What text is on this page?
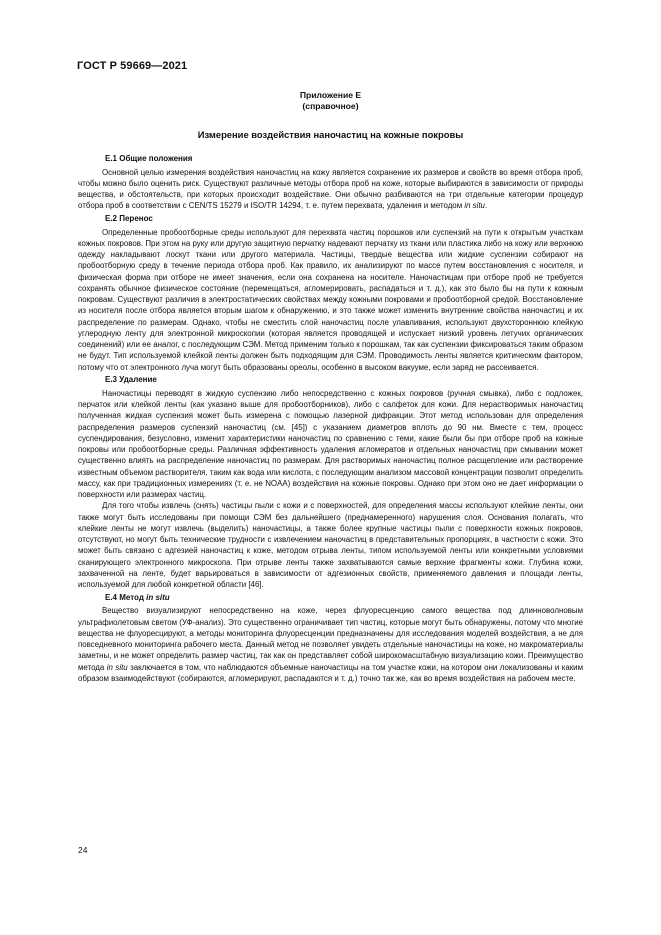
ГОСТ Р 59669—2021
Приложение Е
(справочное)
Измерение воздействия наночастиц на кожные покровы
Е.1 Общие положения

Основной целью измерения воздействия наночастиц на кожу является сохранение их размеров и свойств во время отбора проб, чтобы можно было оценить риск. Существуют различные методы отбора проб на коже, которые выбираются в зависимости от природы вещества, и обстоятельств, при которых происходит воздействие. Они обычно разбиваются на три отдельные категории процедур отбора проб в соответствии с CEN/TS 15279 и ISO/TR 14294, т. е. путем перехвата, удаления и методом in situ.

Е.2 Перенос

Определенные пробоотборные среды используют для перехвата частиц порошков или суспензий на пути к открытым участкам кожных покровов. При этом на руку или другую защитную перчатку надевают перчатку из ткани или пластика либо на кожу или верхнюю одежду накладывают лоскут ткани или другого материала. Частицы, твердые вещества или жидкие суспензии собирают на пробоотборную среду в течение периода отбора проб. Как правило, их анализируют по массе путем восстановления с носителя, и физическая форма при отборе не имеет значения, если она сохранена на носителе. Наночастицам при отборе проб не требуется сохранять обычное физическое состояние (перемещаться, агломерировать, распадаться и т. д.), как это было бы на пути к кожным покровам. Существуют различия в электростатических свойствах между кожными покровами и пробоотборной средой. Восстановление из носителя после отбора является вторым шагом к обнаружению, и это также может изменить внутренние свойства наночастиц и их распределение по размерам. Однако, чтобы не сместить слой наночастиц после улавливания, используют двухстороннюю клейкую углеродную ленту для электронной микроскопии (которая является проводящей и испускает низкий уровень летучих органических соединений) или ее аналог, с последующим СЭМ. Метод применим только к порошкам, так как суспензии фиксироваться таким образом не будут. Тип используемой клейкой ленты должен быть подходящим для СЭМ. Проводимость ленты является критическим фактором, потому что от электронного луча могут быть образованы ореолы, особенно в высоком вакууме, если заряд не рассеивается.

Е.3 Удаление

Наночастицы переводят в жидкую суспензию либо непосредственно с кожных покровов (ручная смывка), либо с подложек, перчаток или клейкой ленты (как указано выше для пробоотборников), либо с салфеток для кожи. Для нерастворимых наночастиц полученная жидкая суспензия может быть измерена с помощью лазерной дифракции. Этот метод использован для определения распределения размеров суспензий наночастиц (см. [45]) с указанием диаметров вплоть до 90 нм. Вместе с тем, процесс суспендирования, безусловно, изменит характеристики наночастиц по сравнению с теми, какие были бы при отборе проб на кожные покровы или пробоотборные среды. Различная эффективность удаления агломератов и отдельных наночастиц при смывании может существенно влиять на распределение наночастиц по размерам. Для растворимых наночастиц полное расщепление или растворение известным объемом растворителя, таким как вода или кислота, с последующим анализом массовой концентрации позволит определить массу, как при традиционных измерениях (т. е. не NOAA) воздействия на кожные покровы. Однако при этом оно не дает информации о поверхности или размерах частиц.

Для того чтобы извлечь (снять) частицы пыли с кожи и с поверхностей, для определения массы используют клейкие ленты, они также могут быть исследованы при помощи СЭМ без дальнейшего (преднамеренного) нарушения слоя. Основания полагать, что клейкие ленты не могут извлечь (выделить) наночастицы, а также более крупные частицы пыли с поверхности кожных покровов, отсутствуют, но могут быть технические трудности с извлечением наночастиц в представительных пропорциях, в частности с кожи. Это может быть связано с адгезией наночастиц к коже, методом отрыва ленты, типом используемой ленты или конкретными условиями сканирующего электронного микроскопа. При отрыве ленты также захватываются самые верхние фрагменты кожи. Глубина кожи, захваченной на ленте, будет варьироваться в зависимости от адгезионных свойств, применяемого давления и площади ленты, используемой для любой конкретной области [46].

Е.4 Метод in situ

Вещество визуализируют непосредственно на коже, через флуоресценцию самого вещества под длинноволновым ультрафиолетовым светом (УФ-анализ). Это существенно ограничивает тип частиц, которые могут быть обнаружены, потому что многие вещества не флуоресцируют, а методы мониторинга флуоресценции предназначены для исследования моделей воздействия, а не для повседневного мониторинга рабочего места. Данный метод не позволяет увидеть отдельные наночастицы на коже, но макроматериалы заметны, и не может определить размер частиц, так как он представляет собой широкомасштабную визуализацию кожи. Преимущество метода in situ заключается в том, что наблюдаются объемные наночастицы на том участке кожи, на котором они локализованы и каким образом взаимодействуют (собираются, агломерируют, распадаются и т. д.) точно так же, как во время воздействия на рабочем месте.

24
